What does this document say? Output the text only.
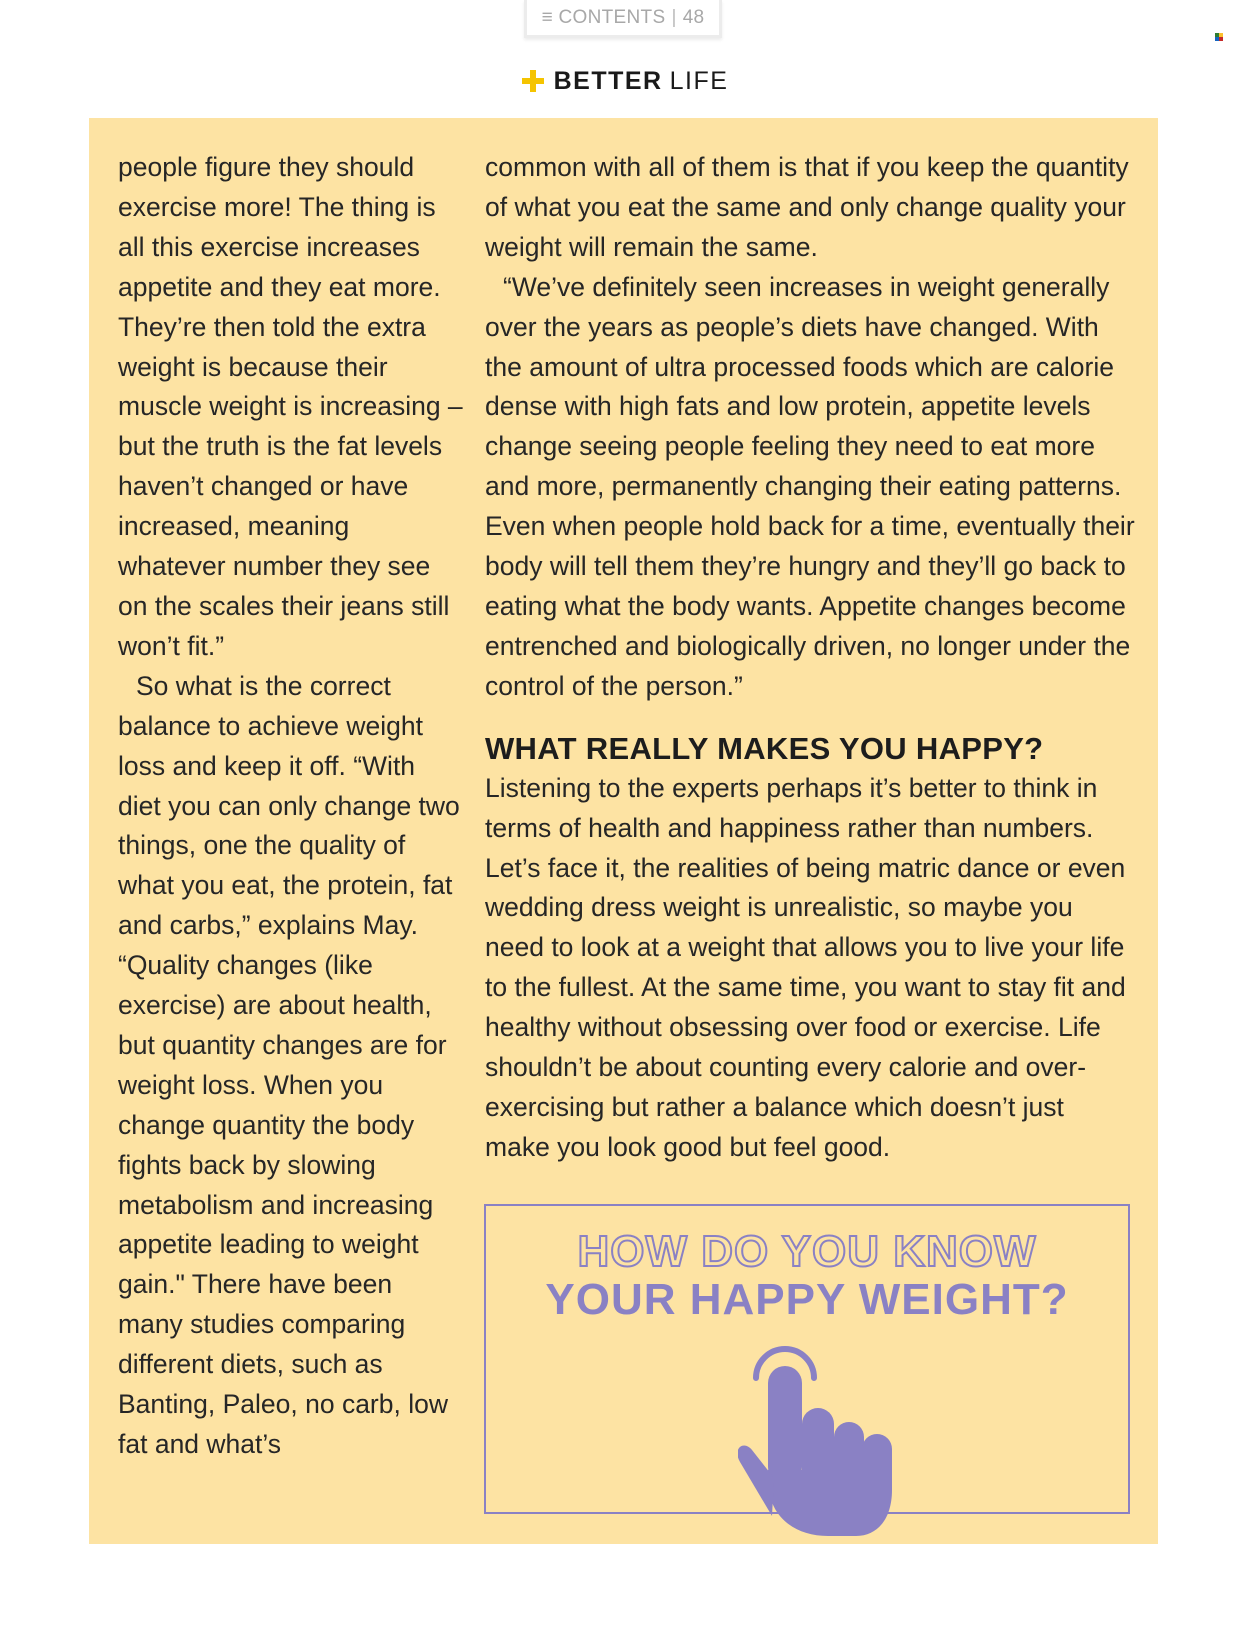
≡ CONTENTS | 48
BETTER LIFE

people figure they should exercise more! The thing is all this exercise increases appetite and they eat more. They’re then told the extra weight is because their muscle weight is increasing – but the truth is the fat levels haven’t changed or have increased, meaning whatever number they see on the scales their jeans still won’t fit.”

So what is the correct balance to achieve weight loss and keep it off. “With diet you can only change two things, one the quality of what you eat, the protein, fat and carbs,” explains May. “Quality changes (like exercise) are about health, but quantity changes are for weight loss. When you change quantity the body fights back by slowing metabolism and increasing appetite leading to weight gain." There have been many studies comparing different diets, such as Banting, Paleo, no carb, low fat and what’s

common with all of them is that if you keep the quantity of what you eat the same and only change quality your weight will remain the same.

“We’ve definitely seen increases in weight generally over the years as people’s diets have changed. With the amount of ultra processed foods which are calorie dense with high fats and low protein, appetite levels change seeing people feeling they need to eat more and more, permanently changing their eating patterns. Even when people hold back for a time, eventually their body will tell them they’re hungry and they’ll go back to eating what the body wants. Appetite changes become entrenched and biologically driven, no longer under the control of the person.”

WHAT REALLY MAKES YOU HAPPY?

Listening to the experts perhaps it’s better to think in terms of health and happiness rather than numbers. Let’s face it, the realities of being matric dance or even wedding dress weight is unrealistic, so maybe you need to look at a weight that allows you to live your life to the fullest. At the same time, you want to stay fit and healthy without obsessing over food or exercise. Life shouldn’t be about counting every calorie and over-exercising but rather a balance which doesn’t just make you look good but feel good.

HOW DO YOU KNOW
YOUR HAPPY WEIGHT?
